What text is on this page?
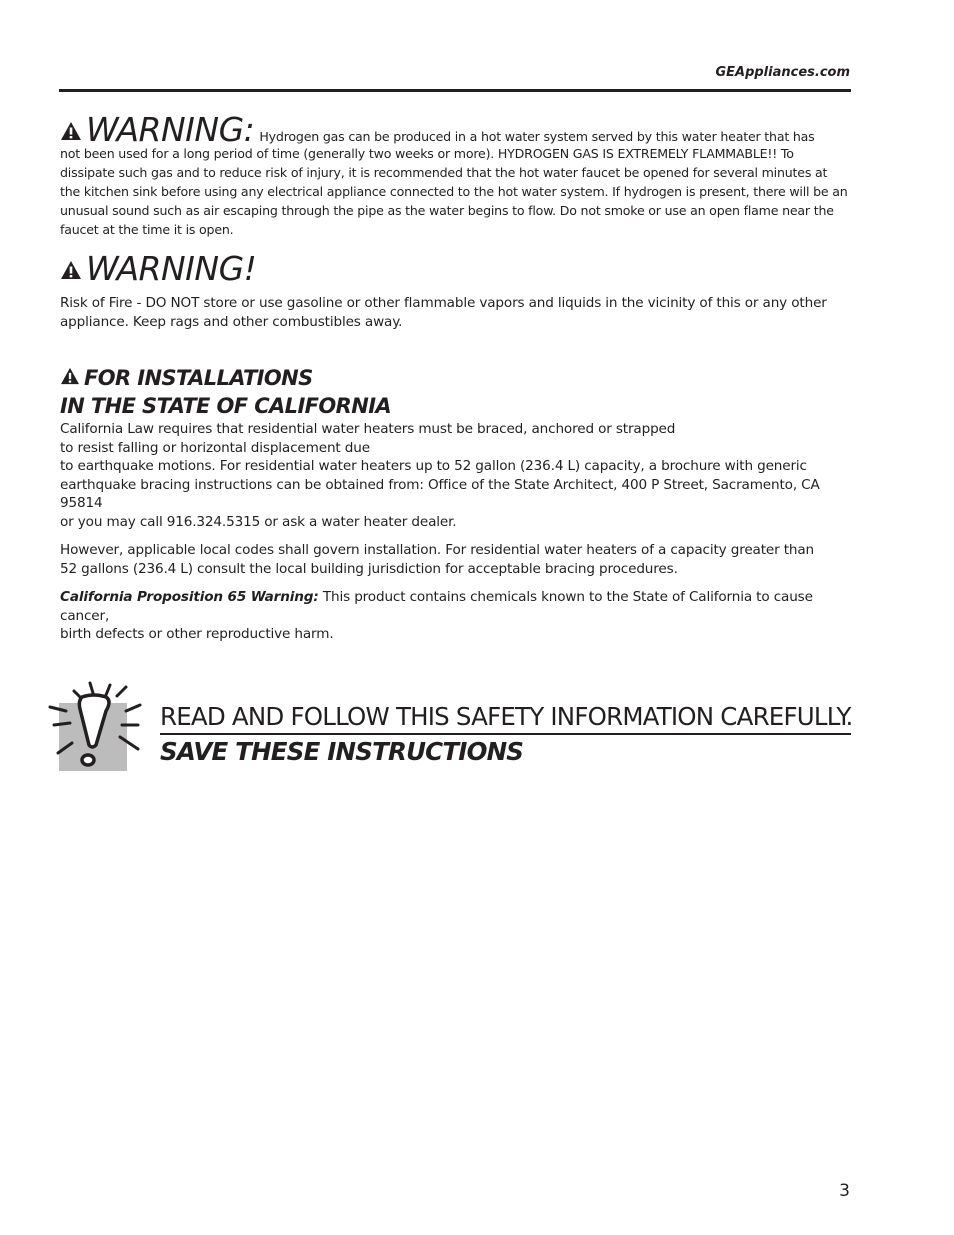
GEAppliances.com
WARNING: Hydrogen gas can be produced in a hot water system served by this water heater that has
not been used for a long period of time (generally two weeks or more). HYDROGEN GAS IS EXTREMELY FLAMMABLE!! To
dissipate such gas and to reduce risk of injury, it is recommended that the hot water faucet be opened for several minutes at
the kitchen sink before using any electrical appliance connected to the hot water system. If hydrogen is present, there will be an
unusual sound such as air escaping through the pipe as the water begins to flow. Do not smoke or use an open flame near the
faucet at the time it is open.
WARNING!
Risk of Fire - DO NOT store or use gasoline or other flammable vapors and liquids in the vicinity of this or any other
appliance. Keep rags and other combustibles away.
FOR INSTALLATIONS
IN THE STATE OF CALIFORNIA
California Law requires that residential water heaters must be braced, anchored or strapped
to resist falling or horizontal displacement due
to earthquake motions. For residential water heaters up to 52 gallon (236.4 L) capacity, a brochure with generic
earthquake bracing instructions can be obtained from: Office of the State Architect, 400 P Street, Sacramento, CA 95814
or you may call 916.324.5315 or ask a water heater dealer.
However, applicable local codes shall govern installation. For residential water heaters of a capacity greater than
52 gallons (236.4 L) consult the local building jurisdiction for acceptable bracing procedures.
California Proposition 65 Warning: This product contains chemicals known to the State of California to cause cancer,
birth defects or other reproductive harm.
READ AND FOLLOW THIS SAFETY INFORMATION CAREFULLY.
SAVE THESE INSTRUCTIONS
3
